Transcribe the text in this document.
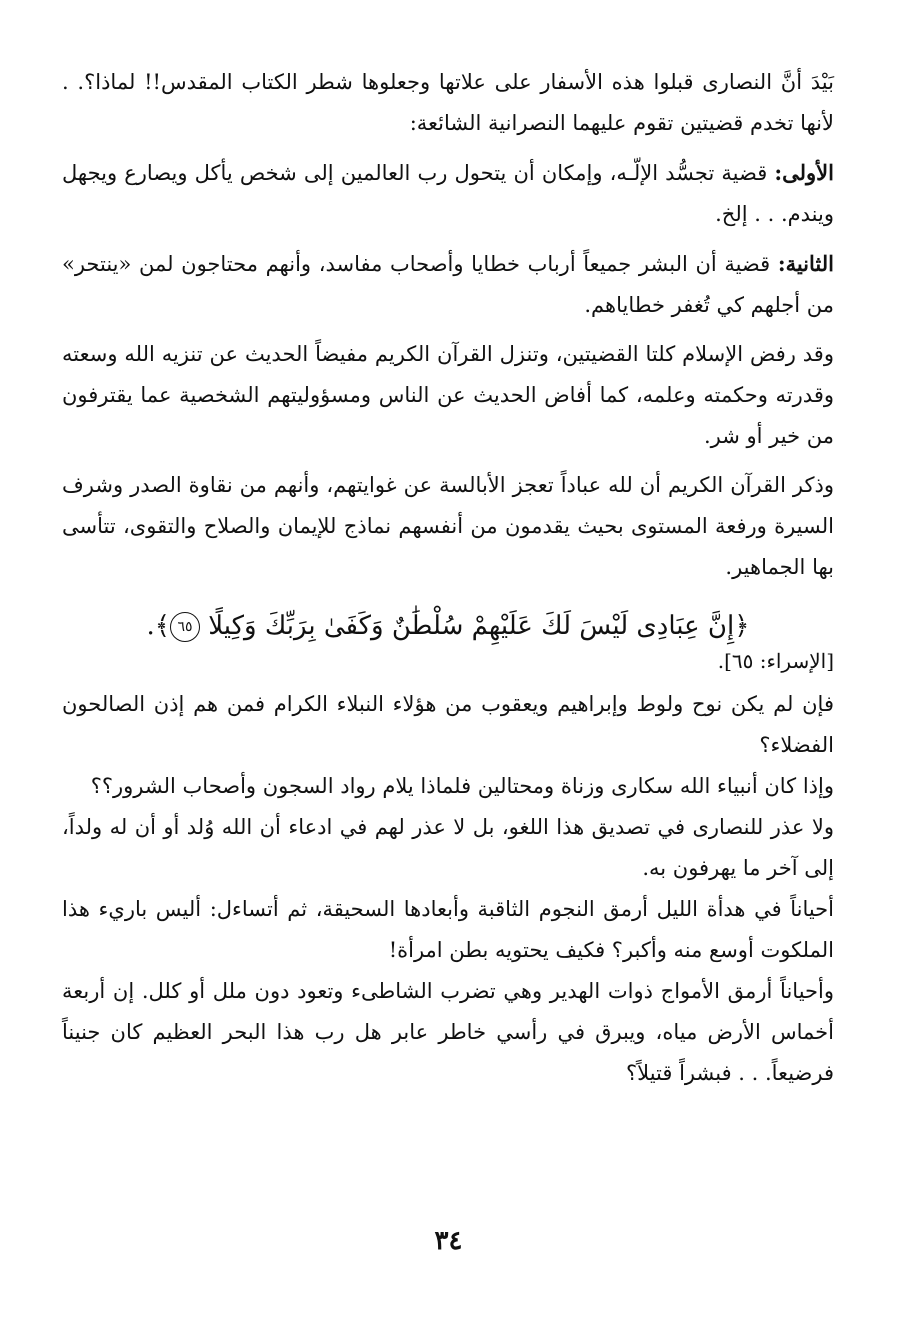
بَيْدَ أنَّ النصارى قبلوا هذه الأسفار على علاتها وجعلوها شطر الكتاب المقدس!! لماذا؟. . لأنها تخدم قضيتين تقوم عليهما النصرانية الشائعة:

الأولى: قضية تجسُّد الإلّـه، وإمكان أن يتحول رب العالمين إلى شخص يأكل ويصارع ويجهل ويندم. . . إلخ.

الثانية: قضية أن البشر جميعاً أرباب خطايا وأصحاب مفاسد، وأنهم محتاجون لمن «ينتحر» من أجلهم كي تُغفر خطاياهم.

وقد رفض الإسلام كلتا القضيتين، وتنزل القرآن الكريم مفيضاً الحديث عن تنزيه الله وسعته وقدرته وحكمته وعلمه، كما أفاض الحديث عن الناس ومسؤوليتهم الشخصية عما يقترفون من خير أو شر.

وذكر القرآن الكريم أن لله عباداً تعجز الأبالسة عن غوايتهم، وأنهم من نقاوة الصدر وشرف السيرة ورفعة المستوى بحيث يقدمون من أنفسهم نماذج للإيمان والصلاح والتقوى، تتأسى بها الجماهير.

﴿إِنَّ عِبَادِى لَيْسَ لَكَ عَلَيْهِمْ سُلْطَٰنٌ وَكَفَىٰ بِرَبِّكَ وَكِيلًا ٦٥﴾.

[الإسراء: ٦٥].

فإن لم يكن نوح ولوط وإبراهيم ويعقوب من هؤلاء النبلاء الكرام فمن هم إذن الصالحون الفضلاء؟

وإذا كان أنبياء الله سكارى وزناة ومحتالين فلماذا يلام رواد السجون وأصحاب الشرور؟؟

ولا عذر للنصارى في تصديق هذا اللغو، بل لا عذر لهم في ادعاء أن الله وُلد أو أن له ولداً، إلى آخر ما يهرفون به.

أحياناً في هدأة الليل أرمق النجوم الثاقبة وأبعادها السحيقة، ثم أتساءل: أليس باريء هذا الملكوت أوسع منه وأكبر؟ فكيف يحتويه بطن امرأة!

وأحياناً أرمق الأمواج ذوات الهدير وهي تضرب الشاطىء وتعود دون ملل أو كلل. إن أربعة أخماس الأرض مياه، ويبرق في رأسي خاطر عابر هل رب هذا البحر العظيم كان جنيناً فرضيعاً. . . فبشراً قتيلاً؟

٣٤
